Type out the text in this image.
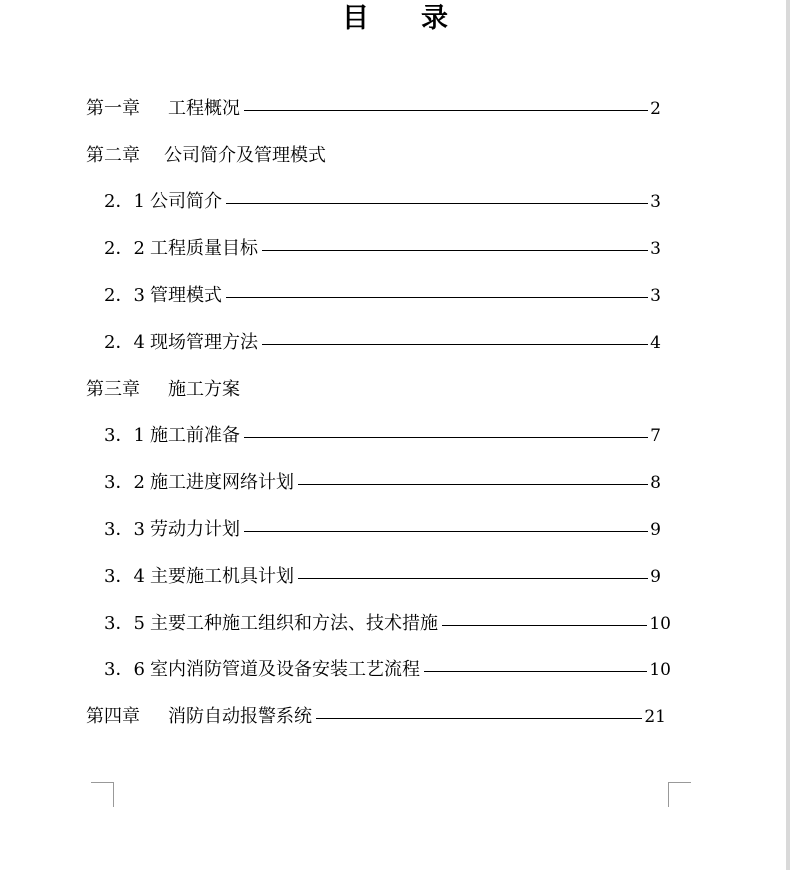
目 录
第一章	工程概况	2
第二章	公司简介及管理模式
2．1 公司简介	3
2．2 工程质量目标	3
2．3 管理模式	3
2．4 现场管理方法	4
第三章	施工方案
3．1 施工前准备	7
3．2 施工进度网络计划	8
3．3 劳动力计划	9
3．4 主要施工机具计划	9
3．5 主要工种施工组织和方法、技术措施	10
3．6 室内消防管道及设备安装工艺流程	10
第四章	消防自动报警系统	21
